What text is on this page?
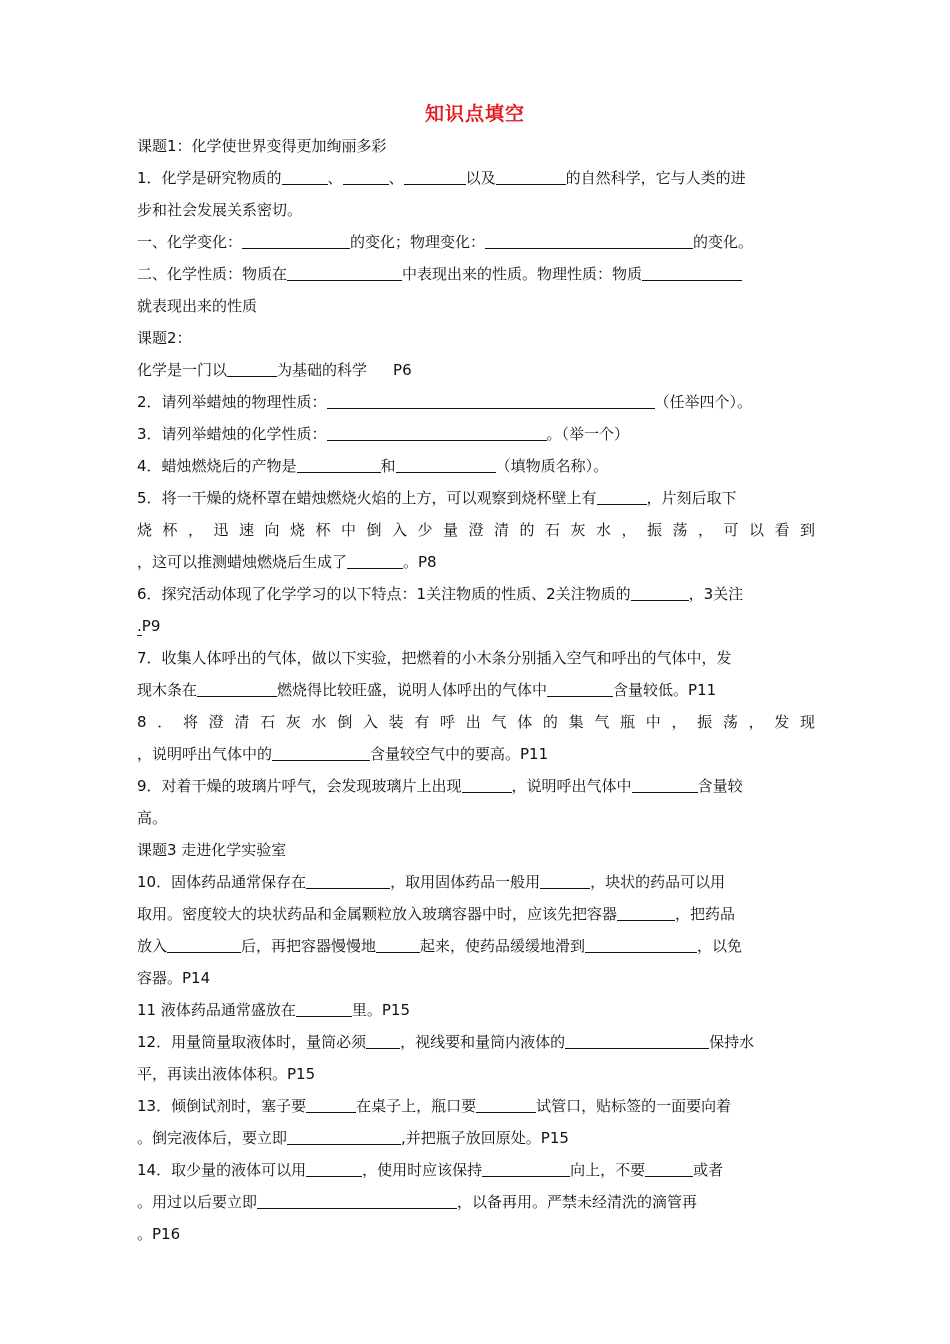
知识点填空
课题1：化学使世界变得更加绚丽多彩
1．化学是研究物质的	、	、	以及	的自然科学，它与人类的进
步和社会发展关系密切。
一、化学变化：	的变化；物理变化：	的变化。
二、化学性质：物质在	中表现出来的性质。物理性质：物质
就表现出来的性质
课题2：
化学是一门以	为基础的科学 P6
2．请列举蜡烛的物理性质：	（任举四个）。
3．请列举蜡烛的化学性质：	。（举一个）
4．蜡烛燃烧后的产物是	和	（填物质名称）。
5．将一干燥的烧杯罩在蜡烛燃烧火焰的上方，可以观察到烧杯壁上有	，片刻后取下
烧杯，迅速向烧杯中倒入少量澄清的石灰水，振荡，可以看到
，这可以推测蜡烛燃烧后生成了	。P8
6．探究活动体现了化学学习的以下特点：1关注物质的性质、2关注物质的	，3关注
.P9
7．收集人体呼出的气体，做以下实验，把燃着的小木条分别插入空气和呼出的气体中，发
现木条在	燃烧得比较旺盛，说明人体呼出的气体中	含量较低。P11
8．将澄清石灰水倒入装有呼出气体的集气瓶中，振荡，发现
，说明呼出气体中的	含量较空气中的要高。P11
9．对着干燥的玻璃片呼气，会发现玻璃片上出现	，说明呼出气体中	含量较
高。
课题3 走进化学实验室
10．固体药品通常保存在	，取用固体药品一般用	，块状的药品可以用
取用。密度较大的块状药品和金属颗粒放入玻璃容器中时，应该先把容器	，把药品
放入	后，再把容器慢慢地	起来，使药品缓缓地滑到	，以免
容器。P14
11 液体药品通常盛放在	里。P15
12．用量筒量取液体时，量筒必须 ，视线要和量筒内液体的	保持水
平，再读出液体体积。P15
13．倾倒试剂时，塞子要	在桌子上，瓶口要	试管口，贴标签的一面要向着
。倒完液体后，要立即	,并把瓶子放回原处。P15
14．取少量的液体可以用	，使用时应该保持	向上，不要	或者
。用过以后要立即	，以备再用。严禁未经清洗的滴管再
。P16
